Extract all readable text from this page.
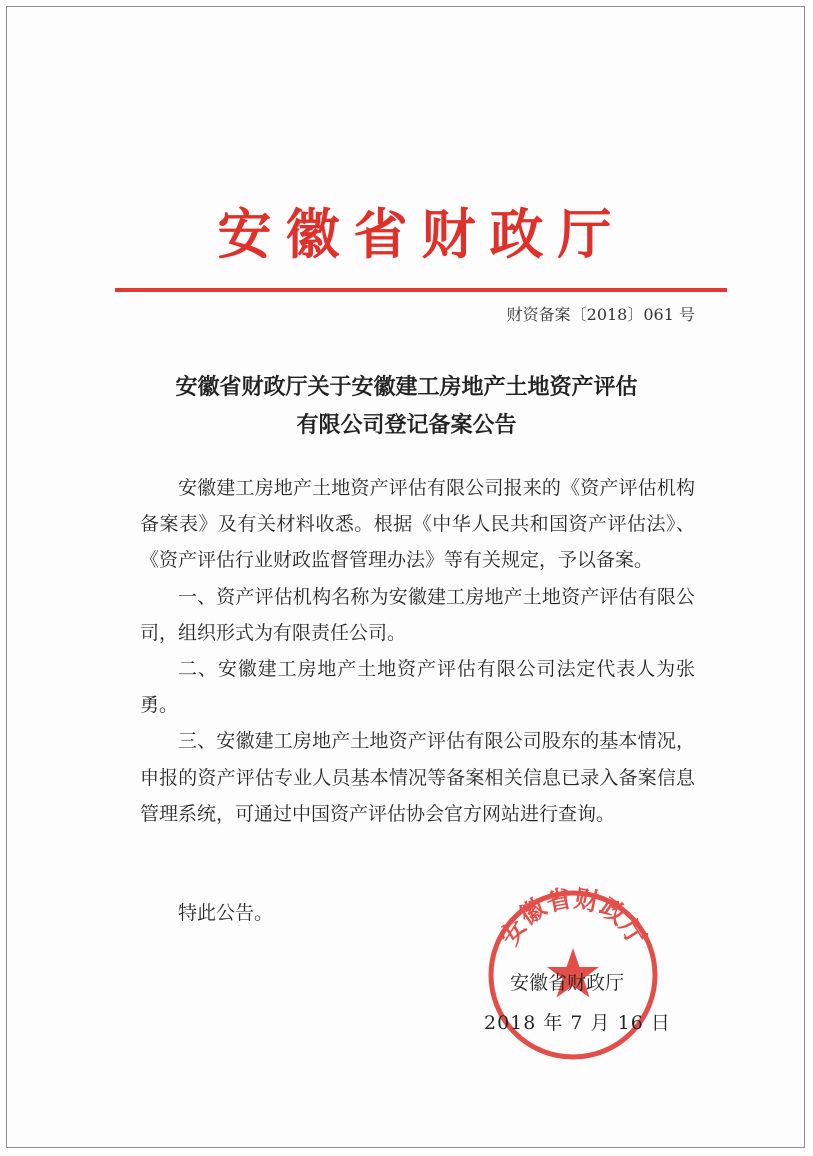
安徽省财政厅
财资备案〔2018〕061 号
安徽省财政厅关于安徽建工房地产土地资产评估
有限公司登记备案公告

安徽建工房地产土地资产评估有限公司报来的《资产评估机构备案表》及有关材料收悉。根据《中华人民共和国资产评估法》、《资产评估行业财政监督管理办法》等有关规定，予以备案。

一、资产评估机构名称为安徽建工房地产土地资产评估有限公司，组织形式为有限责任公司。

二、安徽建工房地产土地资产评估有限公司法定代表人为张勇。

三、安徽建工房地产土地资产评估有限公司股东的基本情况，申报的资产评估专业人员基本情况等备案相关信息已录入备案信息管理系统，可通过中国资产评估协会官方网站进行查询。

特此公告。
安徽省财政厅
安徽省财政厅
2018 年 7 月 16 日
